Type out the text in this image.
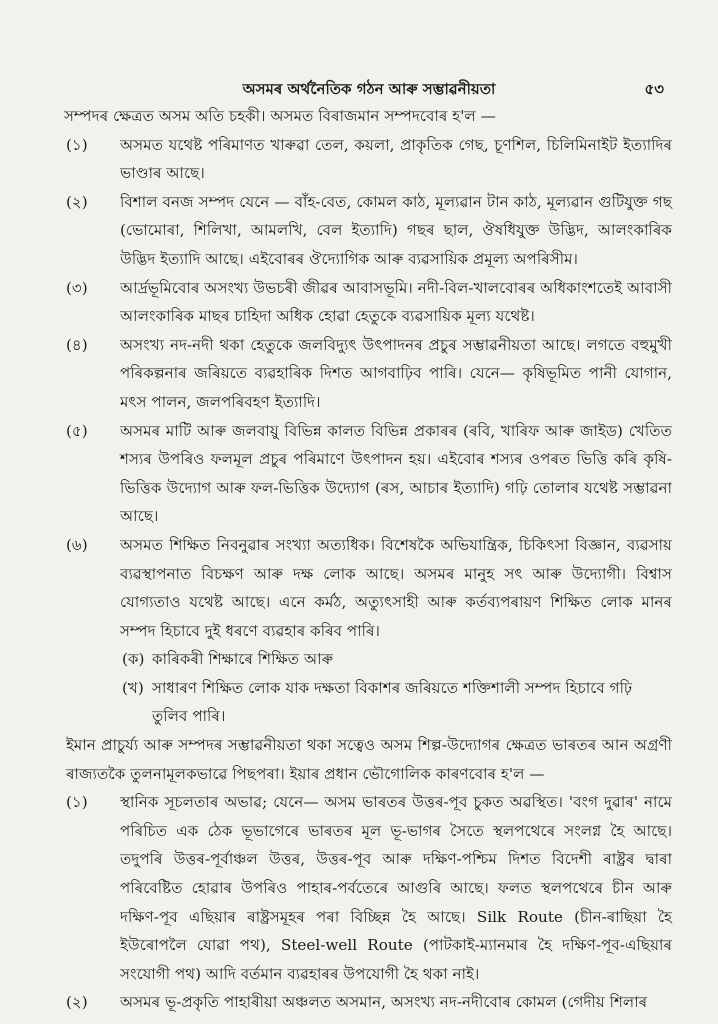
অসমৰ অৰ্থনৈতিক গঠন আৰু সম্ভাৱনীয়তা	৫৩

সম্পদৰ ক্ষেত্ৰত অসম অতি চহকী। অসমত বিৰাজমান সম্পদবোৰ হ'ল —

(১)	অসমত যথেষ্ট পৰিমাণত খাৰুৱা তেল, কয়লা, প্ৰাকৃতিক গেছ, চূণশিল, চিলিমিনাইট ইত্যাদিৰ ভাণ্ডাৰ আছে।
(২)	বিশাল বনজ সম্পদ যেনে — বাঁহ-বেত, কোমল কাঠ, মূল্যৱান টান কাঠ, মূল্যৱান গুটিযুক্ত গছ (ভোমোৰা, শিলিখা, আমলখি, বেল ইত্যাদি) গছৰ ছাল, ঔষধিযুক্ত উদ্ভিদ, আলংকাৰিক উদ্ভিদ ইত্যাদি আছে। এইবোৰৰ ঔদ্যোগিক আৰু ব্যৱসায়িক প্ৰমূল্য অপৰিসীম।
(৩)	আৰ্দ্ৰভূমিবোৰ অসংখ্য উভচৰী জীৱৰ আবাসভূমি। নদী-বিল-খালবোৰৰ অধিকাংশতেই আবাসী আলংকাৰিক মাছৰ চাহিদা অধিক হোৱা হেতুকে ব্যৱসায়িক মূল্য যথেষ্ট।
(৪)	অসংখ্য নদ-নদী থকা হেতুকে জলবিদ্যুৎ উৎপাদনৰ প্ৰচুৰ সম্ভাৱনীয়তা আছে। লগতে বহুমুখী পৰিকল্পনাৰ জৰিয়তে ব্যৱহাৰিক দিশত আগবাঢ়িব পাৰি। যেনে— কৃষিভূমিত পানী যোগান, মৎস পালন, জলপৰিবহণ ইত্যাদি।
(৫)	অসমৰ মাটি আৰু জলবায়ু বিভিন্ন কালত বিভিন্ন প্ৰকাৰৰ (ৰবি, খাৰিফ আৰু জাইড) খেতিত শস্যৰ উপৰিও ফলমূল প্ৰচুৰ পৰিমাণে উৎপাদন হয়। এইবোৰ শস্যৰ ওপৰত ভিত্তি কৰি কৃষি-ভিত্তিক উদ্যোগ আৰু ফল-ভিত্তিক উদ্যোগ (ৰস, আচাৰ ইত্যাদি) গঢ়ি তোলাৰ যথেষ্ট সম্ভাৱনা আছে।
(৬)	অসমত শিক্ষিত নিবনুৱাৰ সংখ্যা অত্যধিক। বিশেষকৈ অভিযান্ত্ৰিক, চিকিৎসা বিজ্ঞান, ব্যৱসায় ব্যৱস্থাপনাত বিচক্ষণ আৰু দক্ষ লোক আছে। অসমৰ মানুহ সৎ আৰু উদ্যোগী। বিশ্বাস যোগ্যতাও যথেষ্ট আছে। এনে কৰ্মঠ, অত্যুৎসাহী আৰু কৰ্তব্যপৰায়ণ শিক্ষিত লোক মানৰ সম্পদ হিচাবে দুই ধৰণে ব্যৱহাৰ কৰিব পাৰি।
(ক) কাৰিকৰী শিক্ষাৰে শিক্ষিত আৰু
(খ) সাধাৰণ শিক্ষিত লোক যাক দক্ষতা বিকাশৰ জৰিয়তে শক্তিশালী সম্পদ হিচাবে গঢ়ি তুলিব পাৰি।

ইমান প্ৰাচুৰ্য্য আৰু সম্পদৰ সম্ভাৱনীয়তা থকা সত্বেও অসম শিল্প-উদ্যোগৰ ক্ষেত্ৰত ভাৰতৰ আন অগ্ৰণী ৰাজ্যতকৈ তুলনামূলকভাৱে পিছপৰা। ইয়াৰ প্ৰধান ভৌগোলিক কাৰণবোৰ হ'ল —

(১)	স্থানিক সূচলতাৰ অভাৱ; যেনে— অসম ভাৰতৰ উত্তৰ-পূব চুকত অৱস্থিত। 'বংগ দুৱাৰ' নামে পৰিচিত এক ঠেক ভূভাগেৰে ভাৰতৰ মূল ভূ-ভাগৰ সৈতে স্থলপথেৰে সংলগ্ন হৈ আছে। তদুপৰি উত্তৰ-পূৰ্বাঞ্চল উত্তৰ, উত্তৰ-পূব আৰু দক্ষিণ-পশ্চিম দিশত বিদেশী ৰাষ্ট্ৰৰ দ্বাৰা পৰিবেষ্টিত হোৱাৰ উপৰিও পাহাৰ-পৰ্বতেৰে আগুৰি আছে। ফলত স্থলপথেৰে চীন আৰু দক্ষিণ-পূব এছিয়াৰ ৰাষ্ট্ৰসমূহৰ পৰা বিচ্ছিন্ন হৈ আছে। Silk Route (চীন-ৰাছিয়া হৈ ইউৰোপলৈ যোৱা পথ), Steel-well Route (পাটকাই-ম্যানমাৰ হৈ দক্ষিণ-পূব-এছিয়াৰ সংযোগী পথ) আদি বৰ্তমান ব্যৱহাৰৰ উপযোগী হৈ থকা নাই।
(২)	অসমৰ ভূ-প্ৰকৃতি পাহাৰীয়া অঞ্চলত অসমান, অসংখ্য নদ-নদীবোৰ কোমল (গেদীয় শিলাৰ
